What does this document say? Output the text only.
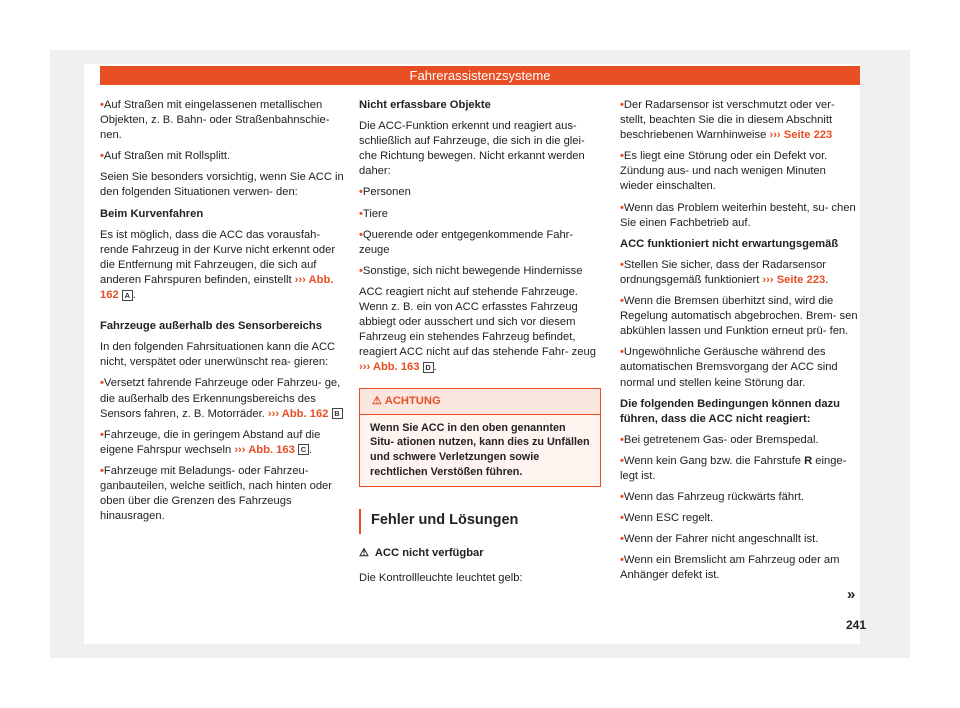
Fahrerassistenzsysteme

• Auf Straßen mit eingelassenen metallischen Objekten, z. B. Bahn- oder Straßenbahnschie- nen.

• Auf Straßen mit Rollsplitt.

Seien Sie besonders vorsichtig, wenn Sie ACC in den folgenden Situationen verwen- den:

Beim Kurvenfahren

Es ist möglich, dass die ACC das vorausfah- rende Fahrzeug in der Kurve nicht erkennt oder die Entfernung mit Fahrzeugen, die sich auf anderen Fahrspuren befinden, einstellt ››› Abb. 162 A .

Fahrzeuge außerhalb des Sensorbereichs

In den folgenden Fahrsituationen kann die ACC nicht, verspätet oder unerwünscht rea- gieren:

• Versetzt fahrende Fahrzeuge oder Fahrzeu- ge, die außerhalb des Erkennungsbereichs des Sensors fahren, z. B. Motorräder. ››› Abb. 162 B

• Fahrzeuge, die in geringem Abstand auf die eigene Fahrspur wechseln ››› Abb. 163 C .

• Fahrzeuge mit Beladungs- oder Fahrzeu- ganbauteilen, welche seitlich, nach hinten oder oben über die Grenzen des Fahrzeugs hinausragen.

Nicht erfassbare Objekte

Die ACC-Funktion erkennt und reagiert aus- schließlich auf Fahrzeuge, die sich in die glei- che Richtung bewegen. Nicht erkannt werden daher:

• Personen

• Tiere

• Querende oder entgegenkommende Fahr- zeuge

• Sonstige, sich nicht bewegende Hindernisse

ACC reagiert nicht auf stehende Fahrzeuge. Wenn z. B. ein von ACC erfasstes Fahrzeug abbiegt oder ausschert und sich vor diesem Fahrzeug ein stehendes Fahrzeug befindet, reagiert ACC nicht auf das stehende Fahr- zeug ››› Abb. 163 D .

⚠ ACHTUNG
Wenn Sie ACC in den oben genannten Situ- ationen nutzen, kann dies zu Unfällen und schwere Verletzungen sowie rechtlichen Verstößen führen.
Fehler und Lösungen

⚠ ACC nicht verfügbar

Die Kontrollleuchte leuchtet gelb:

• Der Radarsensor ist verschmutzt oder ver- stellt, beachten Sie die in diesem Abschnitt beschriebenen Warnhinweise ››› Seite 223

• Es liegt eine Störung oder ein Defekt vor. Zündung aus- und nach wenigen Minuten wieder einschalten.

• Wenn das Problem weiterhin besteht, su- chen Sie einen Fachbetrieb auf.

ACC funktioniert nicht erwartungsgemäß

• Stellen Sie sicher, dass der Radarsensor ordnungsgemäß funktioniert ››› Seite 223.

• Wenn die Bremsen überhitzt sind, wird die Regelung automatisch abgebrochen. Brem- sen abkühlen lassen und Funktion erneut prü- fen.

• Ungewöhnliche Geräusche während des automatischen Bremsvorgang der ACC sind normal und stellen keine Störung dar.

Die folgenden Bedingungen können dazu führen, dass die ACC nicht reagiert:

• Bei getretenem Gas- oder Bremspedal.

• Wenn kein Gang bzw. die Fahrstufe R einge- legt ist.

• Wenn das Fahrzeug rückwärts fährt.

• Wenn ESC regelt.

• Wenn der Fahrer nicht angeschnallt ist.

• Wenn ein Bremslicht am Fahrzeug oder am Anhänger defekt ist.

»
241
